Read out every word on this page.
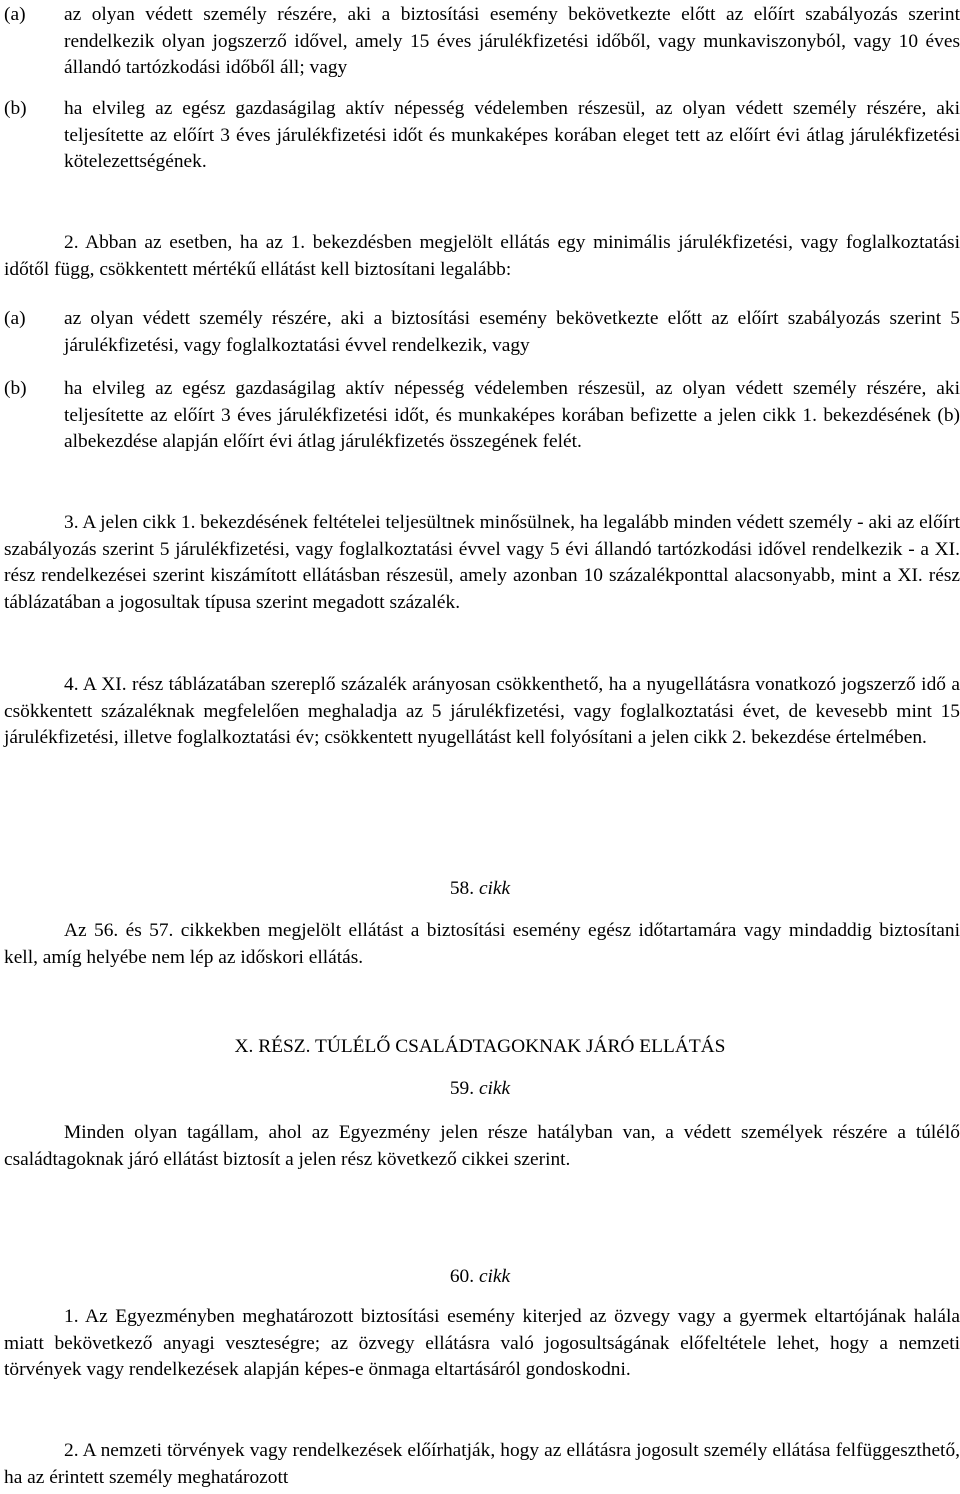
(a) az olyan védett személy részére, aki a biztosítási esemény bekövetkezte előtt az előírt szabályozás szerint rendelkezik olyan jogszerző idővel, amely 15 éves járulékfizetési időből, vagy munkaviszonyból, vagy 10 éves állandó tartózkodási időből áll; vagy
(b) ha elvileg az egész gazdaságilag aktív népesség védelemben részesül, az olyan védett személy részére, aki teljesítette az előírt 3 éves járulékfizetési időt és munkaképes korában eleget tett az előírt évi átlag járulékfizetési kötelezettségének.

2. Abban az esetben, ha az 1. bekezdésben megjelölt ellátás egy minimális járulékfizetési, vagy foglalkoztatási időtől függ, csökkentett mértékű ellátást kell biztosítani legalább:

(a) az olyan védett személy részére, aki a biztosítási esemény bekövetkezte előtt az előírt szabályozás szerint 5 járulékfizetési, vagy foglalkoztatási évvel rendelkezik, vagy
(b) ha elvileg az egész gazdaságilag aktív népesség védelemben részesül, az olyan védett személy részére, aki teljesítette az előírt 3 éves járulékfizetési időt, és munkaképes korában befizette a jelen cikk 1. bekezdésének (b) albekezdése alapján előírt évi átlag járulékfizetés összegének felét.

3. A jelen cikk 1. bekezdésének feltételei teljesültnek minősülnek, ha legalább minden védett személy - aki az előírt szabályozás szerint 5 járulékfizetési, vagy foglalkoztatási évvel vagy 5 évi állandó tartózkodási idővel rendelkezik - a XI. rész rendelkezései szerint kiszámított ellátásban részesül, amely azonban 10 százalékponttal alacsonyabb, mint a XI. rész táblázatában a jogosultak típusa szerint megadott százalék.

4. A XI. rész táblázatában szereplő százalék arányosan csökkenthető, ha a nyugellátásra vonatkozó jogszerző idő a csökkentett százaléknak megfelelően meghaladja az 5 járulékfizetési, vagy foglalkoztatási évet, de kevesebb mint 15 járulékfizetési, illetve foglalkoztatási év; csökkentett nyugellátást kell folyósítani a jelen cikk 2. bekezdése értelmében.

58. cikk

Az 56. és 57. cikkekben megjelölt ellátást a biztosítási esemény egész időtartamára vagy mindaddig biztosítani kell, amíg helyébe nem lép az időskori ellátás.

X. RÉSZ. TÚLÉLŐ CSALÁDTAGOKNAK JÁRÓ ELLÁTÁS

59. cikk

Minden olyan tagállam, ahol az Egyezmény jelen része hatályban van, a védett személyek részére a túlélő családtagoknak járó ellátást biztosít a jelen rész következő cikkei szerint.

60. cikk

1. Az Egyezményben meghatározott biztosítási esemény kiterjed az özvegy vagy a gyermek eltartójának halála miatt bekövetkező anyagi veszteségre; az özvegy ellátásra való jogosultságának előfeltétele lehet, hogy a nemzeti törvények vagy rendelkezések alapján képes-e önmaga eltartásáról gondoskodni.

2. A nemzeti törvények vagy rendelkezések előírhatják, hogy az ellátásra jogosult személy ellátása felfüggeszthető, ha az érintett személy meghatározott
